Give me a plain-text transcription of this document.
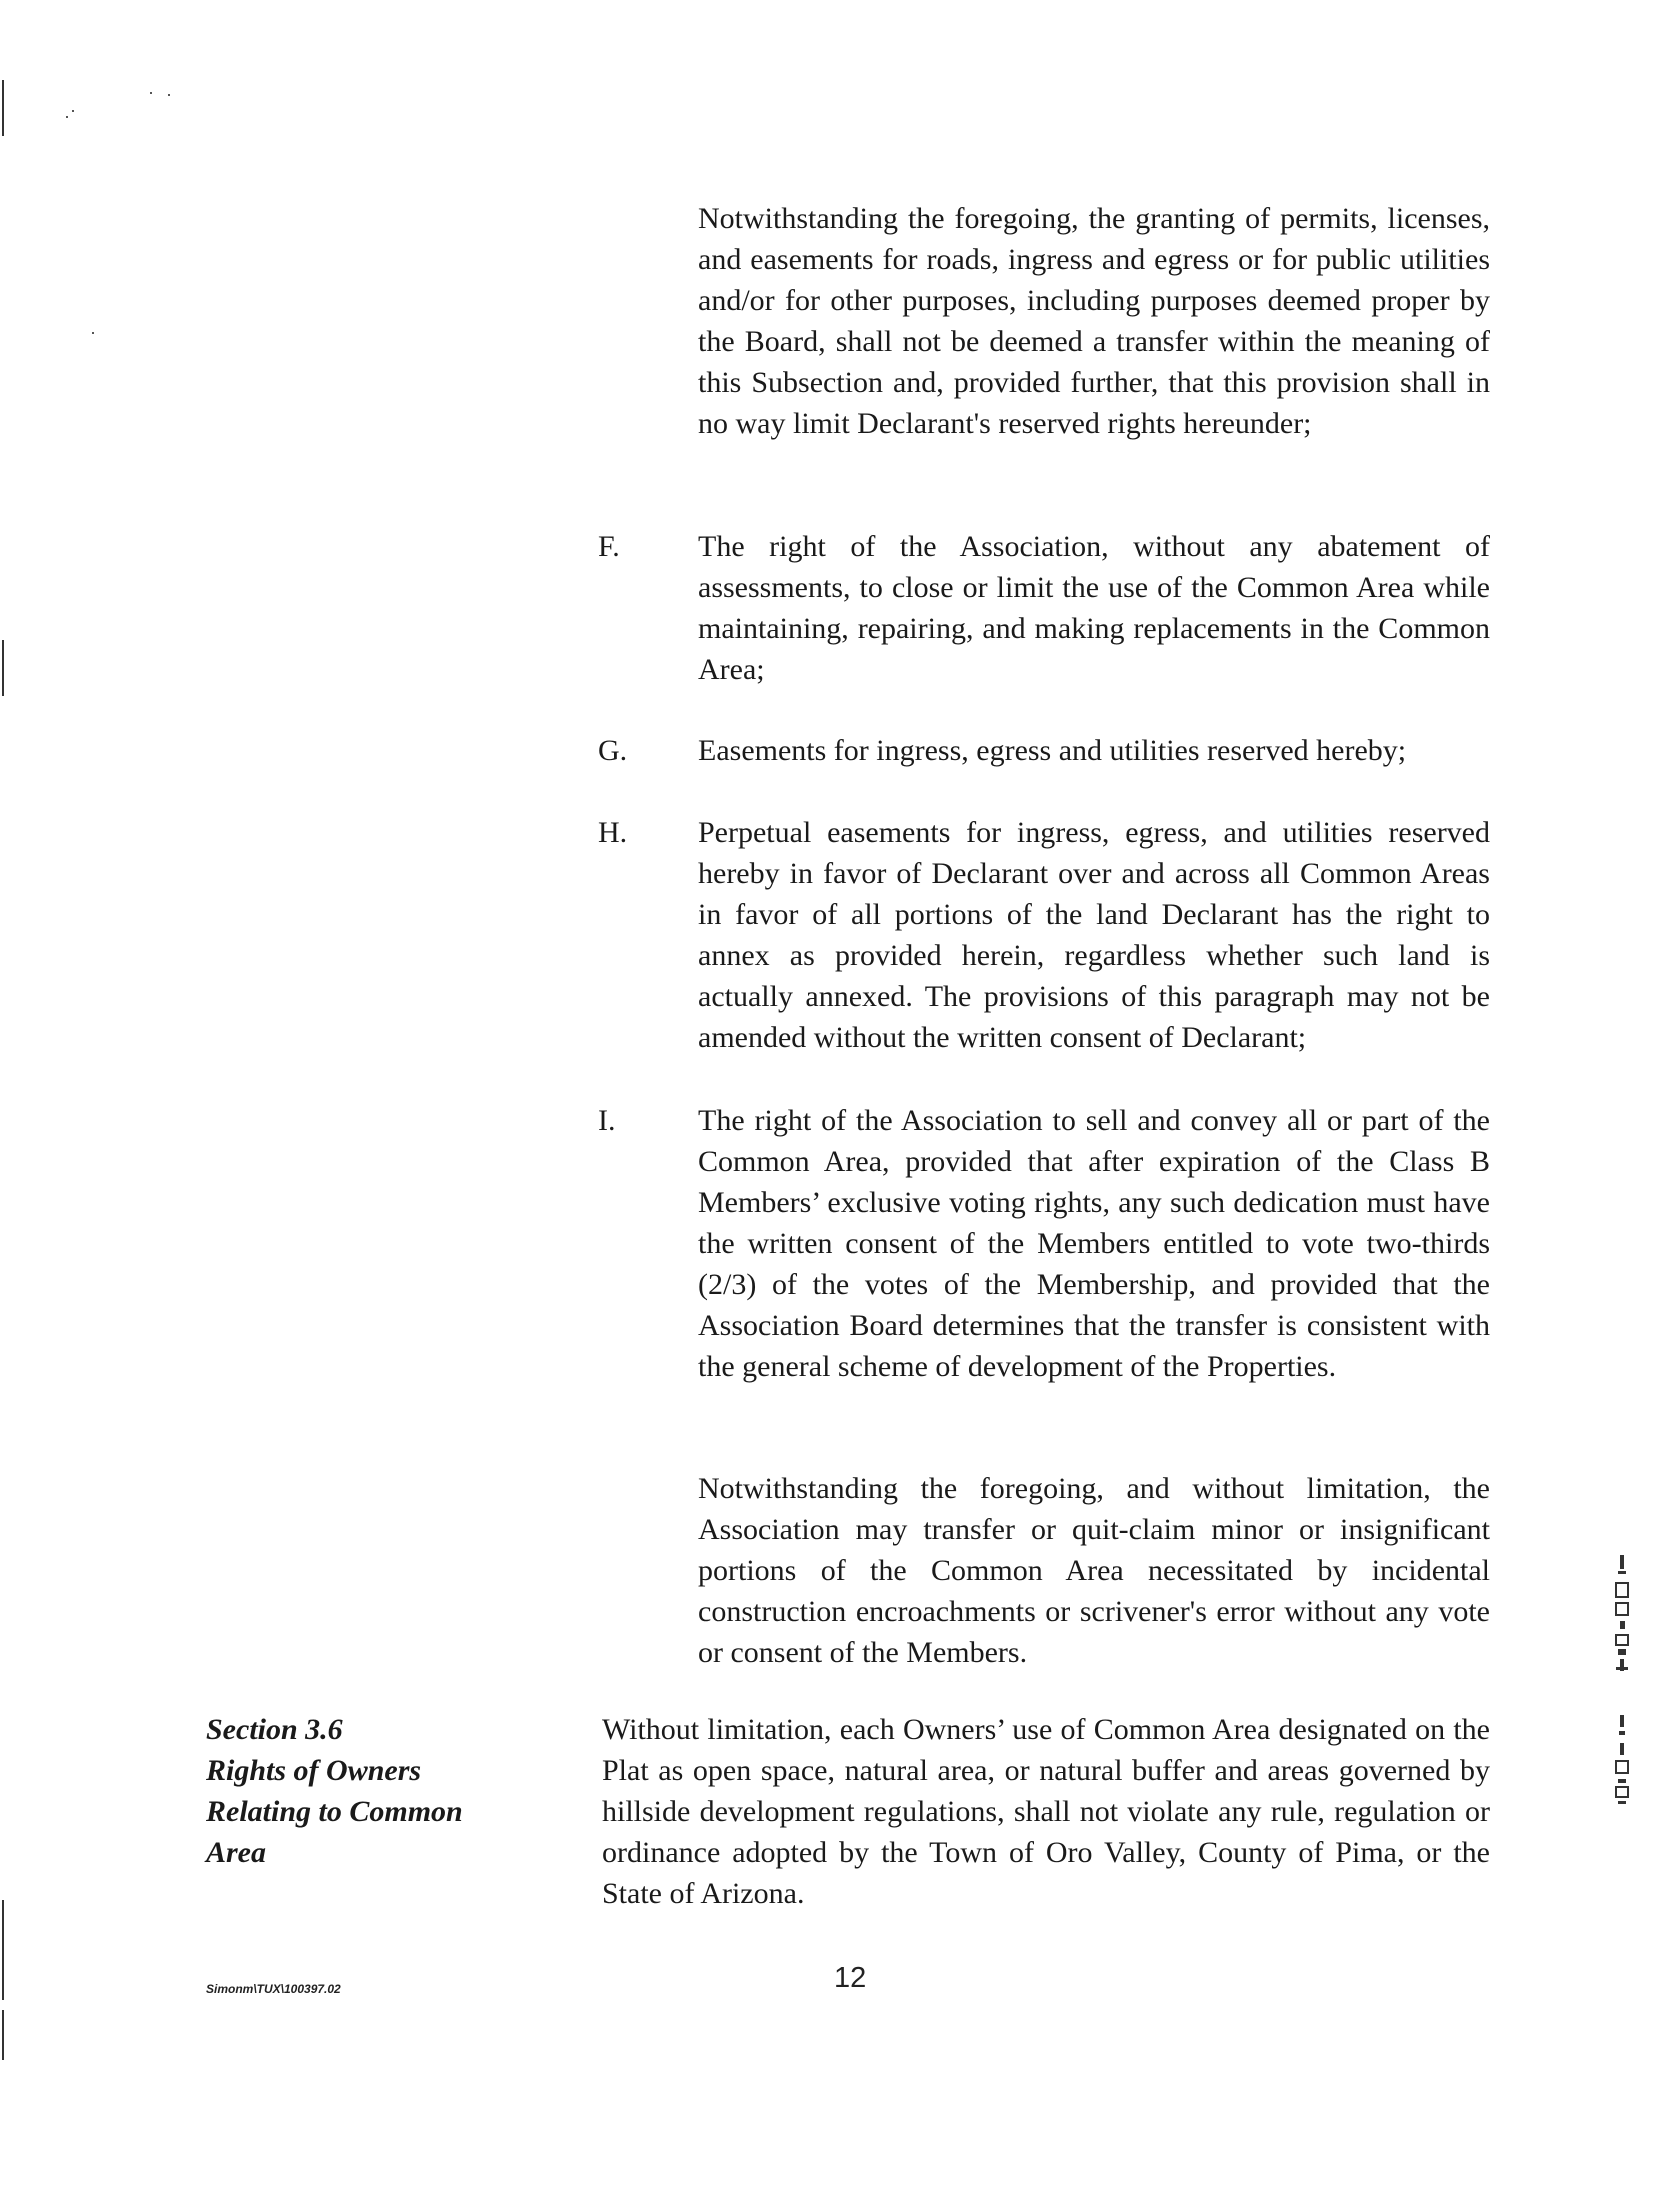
Notwithstanding the foregoing, the granting of permits, licenses, and easements for roads, ingress and egress or for public utilities and/or for other purposes, including purposes deemed proper by the Board, shall not be deemed a transfer within the meaning of this Subsection and, provided further, that this provision shall in no way limit Declarant's reserved rights hereunder;

F.	The right of the Association, without any abatement of assessments, to close or limit the use of the Common Area while maintaining, repairing, and making replacements in the Common Area;

G. Easements for ingress, egress and utilities reserved hereby;

H. Perpetual easements for ingress, egress, and utilities reserved hereby in favor of Declarant over and across all Common Areas in favor of all portions of the land Declarant has the right to annex as provided herein, regardless whether such land is actually annexed. The provisions of this paragraph may not be amended without the written consent of Declarant;

I.	The right of the Association to sell and convey all or part of the Common Area, provided that after expiration of the Class B Members’ exclusive voting rights, any such dedication must have the written consent of the Members entitled to vote two-thirds (2/3) of the votes of the Membership, and provided that the Association Board determines that the transfer is consistent with the general scheme of development of the Properties.

Notwithstanding the foregoing, and without limitation, the Association may transfer or quit-claim minor or insignificant portions of the Common Area necessitated by incidental construction encroachments or scrivener's error without any vote or consent of the Members.

Section 3.6
Rights of Owners
Relating to Common
Area

Without limitation, each Owners’ use of Common Area designated on the Plat as open space, natural area, or natural buffer and areas governed by hillside development regulations, shall not violate any rule, regulation or ordinance adopted by the Town of Oro Valley, County of Pima, or the State of Arizona.

Simonm\TUX\100397.02	12
